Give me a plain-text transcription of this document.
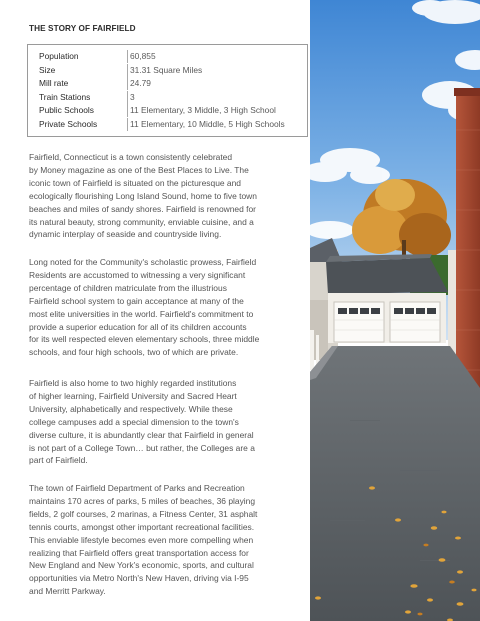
THE STORY OF FAIRFIELD
Population	60,855
Size	31.31 Square Miles
Mill rate	24.79
Train Stations	3
Public Schools	11 Elementary, 3 Middle, 3 High School
Private Schools	11 Elementary, 10 Middle, 5 High Schools
Fairfield, Connecticut is a town consistently celebrated
by Money magazine as one of the Best Places to Live. The
iconic town of Fairfield is situated on the picturesque and
ecologically flourishing Long Island Sound, home to five town
beaches and miles of sandy shores. Fairfield is renowned for
its natural beauty, strong community, enviable cuisine, and a
dynamic interplay of seaside and countryside living.
Long noted for the Community's scholastic prowess, Fairfield
Residents are accustomed to witnessing a very significant
percentage of children matriculate from the illustrious
Fairfield school system to gain acceptance at many of the
most elite universities in the world. Fairfield's commitment to
provide a superior education for all of its children accounts
for its well respected eleven elementary schools, three middle
schools, and four high schools, two of which are private.
Fairfield is also home to two highly regarded institutions
of higher learning, Fairfield University and Sacred Heart
University, alphabetically and respectively. While these
college campuses add a special dimension to the town's
diverse culture, it is abundantly clear that Fairfield in general
is not part of a College Town… but rather, the Colleges are a
part of Fairfield.
The town of Fairfield Department of Parks and Recreation
maintains 170 acres of parks, 5 miles of beaches, 36 playing
fields, 2 golf courses, 2 marinas, a Fitness Center, 31 asphalt
tennis courts, amongst other important recreational facilities.
This enviable lifestyle becomes even more compelling when
realizing that Fairfield offers great transportation access for
New England and New York's economic, sports, and cultural
opportunities via Metro North's New Haven, driving via I-95
and Merritt Parkway.
